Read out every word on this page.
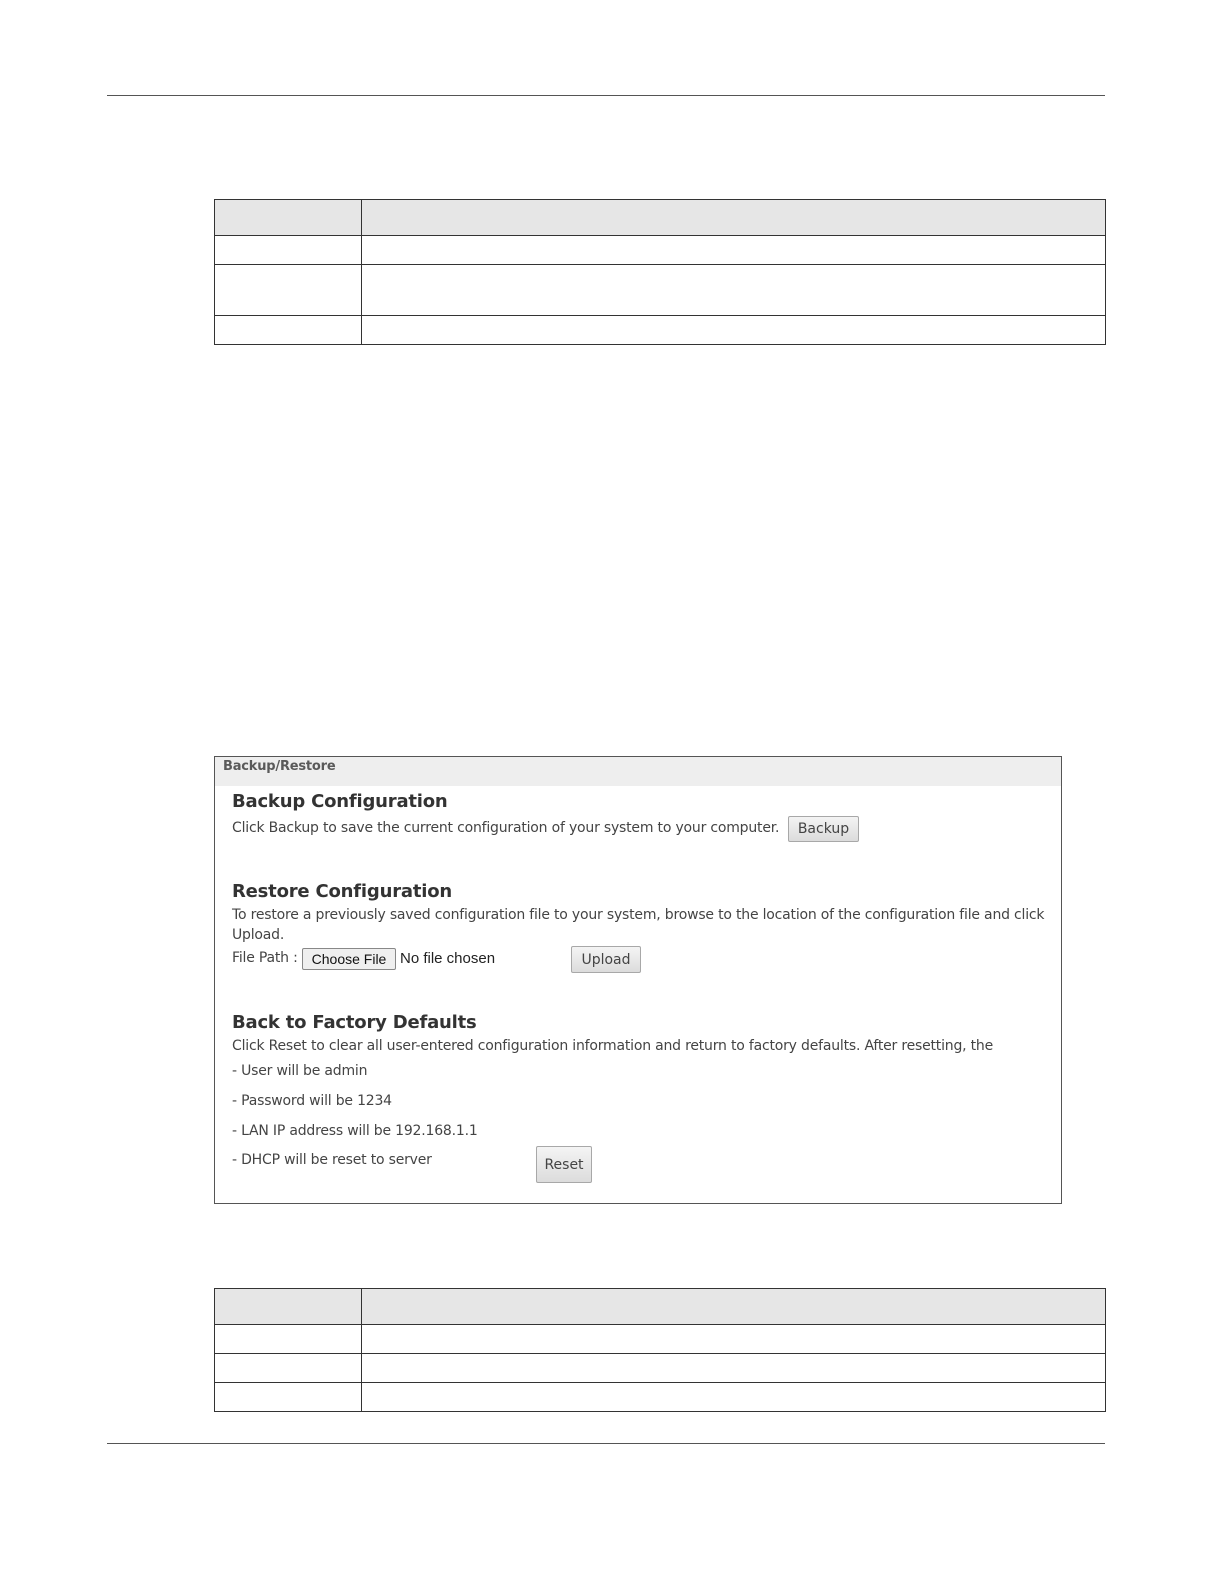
Backup/Restore
Backup Configuration
Click Backup to save the current configuration of your system to your computer.	Backup
Restore Configuration
To restore a previously saved configuration file to your system, browse to the location of the configuration file and click
Upload.
File Path :	Choose File No file chosen	Upload
Back to Factory Defaults
Click Reset to clear all user-entered configuration information and return to factory defaults. After resetting, the
- User will be admin
- Password will be 1234
- LAN IP address will be 192.168.1.1
- DHCP will be reset to server	Reset
